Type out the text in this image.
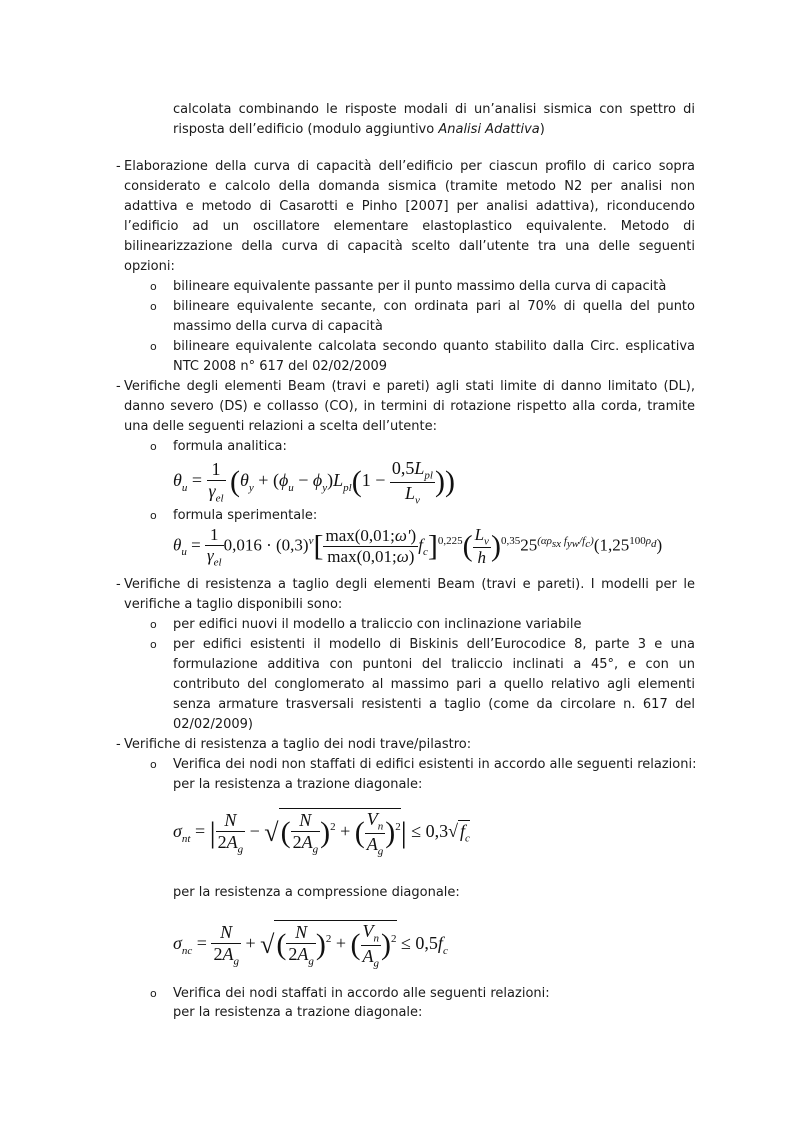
calcolata combinando le risposte modali di un’analisi sismica con spettro di
risposta dell’edificio (modulo aggiuntivo Analisi Adattiva)
- Elaborazione della curva di capacità dell’edificio per ciascun profilo di carico sopra
considerato e calcolo della domanda sismica (tramite metodo N2 per analisi non
adattiva e metodo di Casarotti e Pinho [2007] per analisi adattiva), riconducendo
l’edificio ad un oscillatore elementare elastoplastico equivalente. Metodo di
bilinearizzazione della curva di capacità scelto dall’utente tra una delle seguenti
opzioni:
o bilineare equivalente passante per il punto massimo della curva di capacità
o bilineare equivalente secante, con ordinata pari al 70% di quella del punto
massimo della curva di capacità
o bilineare equivalente calcolata secondo quanto stabilito dalla Circ. esplicativa
NTC 2008 n° 617 del 02/02/2009
- Verifiche degli elementi Beam (travi e pareti) agli stati limite di danno limitato (DL),
danno severo (DS) e collasso (CO), in termini di rotazione rispetto alla corda, tramite
una delle seguenti relazioni a scelta dell’utente:
o formula analitica:
$\theta_u = \frac{1}{\gamma_{el}} (\theta_y + (\phi_u - \phi_y)L_{pl}(1 - \frac{0,5L_{pl}}{L_v}$ ))
o formula sperimentale:
$\theta_u = \frac{1}{\gamma_{el}} 0,016 \cdot (0,3)^\nu[ \frac{\max(0,01;\omega')}{\max(0,01;\omega)} f_c]^{0,225}( \frac{L_v}{h} )^{0,35}25^{(\alpha\rho_{sx} f_{yw}/f_c)}(1,25^{100\rho_d})$
- Verifiche di resistenza a taglio degli elementi Beam (travi e pareti). I modelli per le
verifiche a taglio disponibili sono:
o per edifici nuovi il modello a traliccio con inclinazione variabile
o per edifici esistenti il modello di Biskinis dell’Eurocodice 8, parte 3 e una
formulazione additiva con puntoni del traliccio inclinati a 45°, e con un
contributo del conglomerato al massimo pari a quello relativo agli elementi
senza armature trasversali resistenti a taglio (come da circolare n. 617 del
02/02/2009)
- Verifiche di resistenza a taglio dei nodi trave/pilastro:
o Verifica dei nodi non staffati di edifici esistenti in accordo alle seguenti relazioni:
per la resistenza a trazione diagonale:
$\sigma_{nt}$ = | $\frac{N}{2A_g}$ − √( $\frac{N}{2A_g} )^2$ + ( $\frac{V_n}{A_g} )^2| \le 0,3√$ $f_c$
per la resistenza a compressione diagonale:
$\sigma_{nc} = \frac{N}{2A_g}$ + √( $\frac{N}{2A_g} )^2$ + ( $\frac{V_n}{A_g} )^2 \le 0,5f_c$
o Verifica dei nodi staffati in accordo alle seguenti relazioni:
per la resistenza a trazione diagonale:
